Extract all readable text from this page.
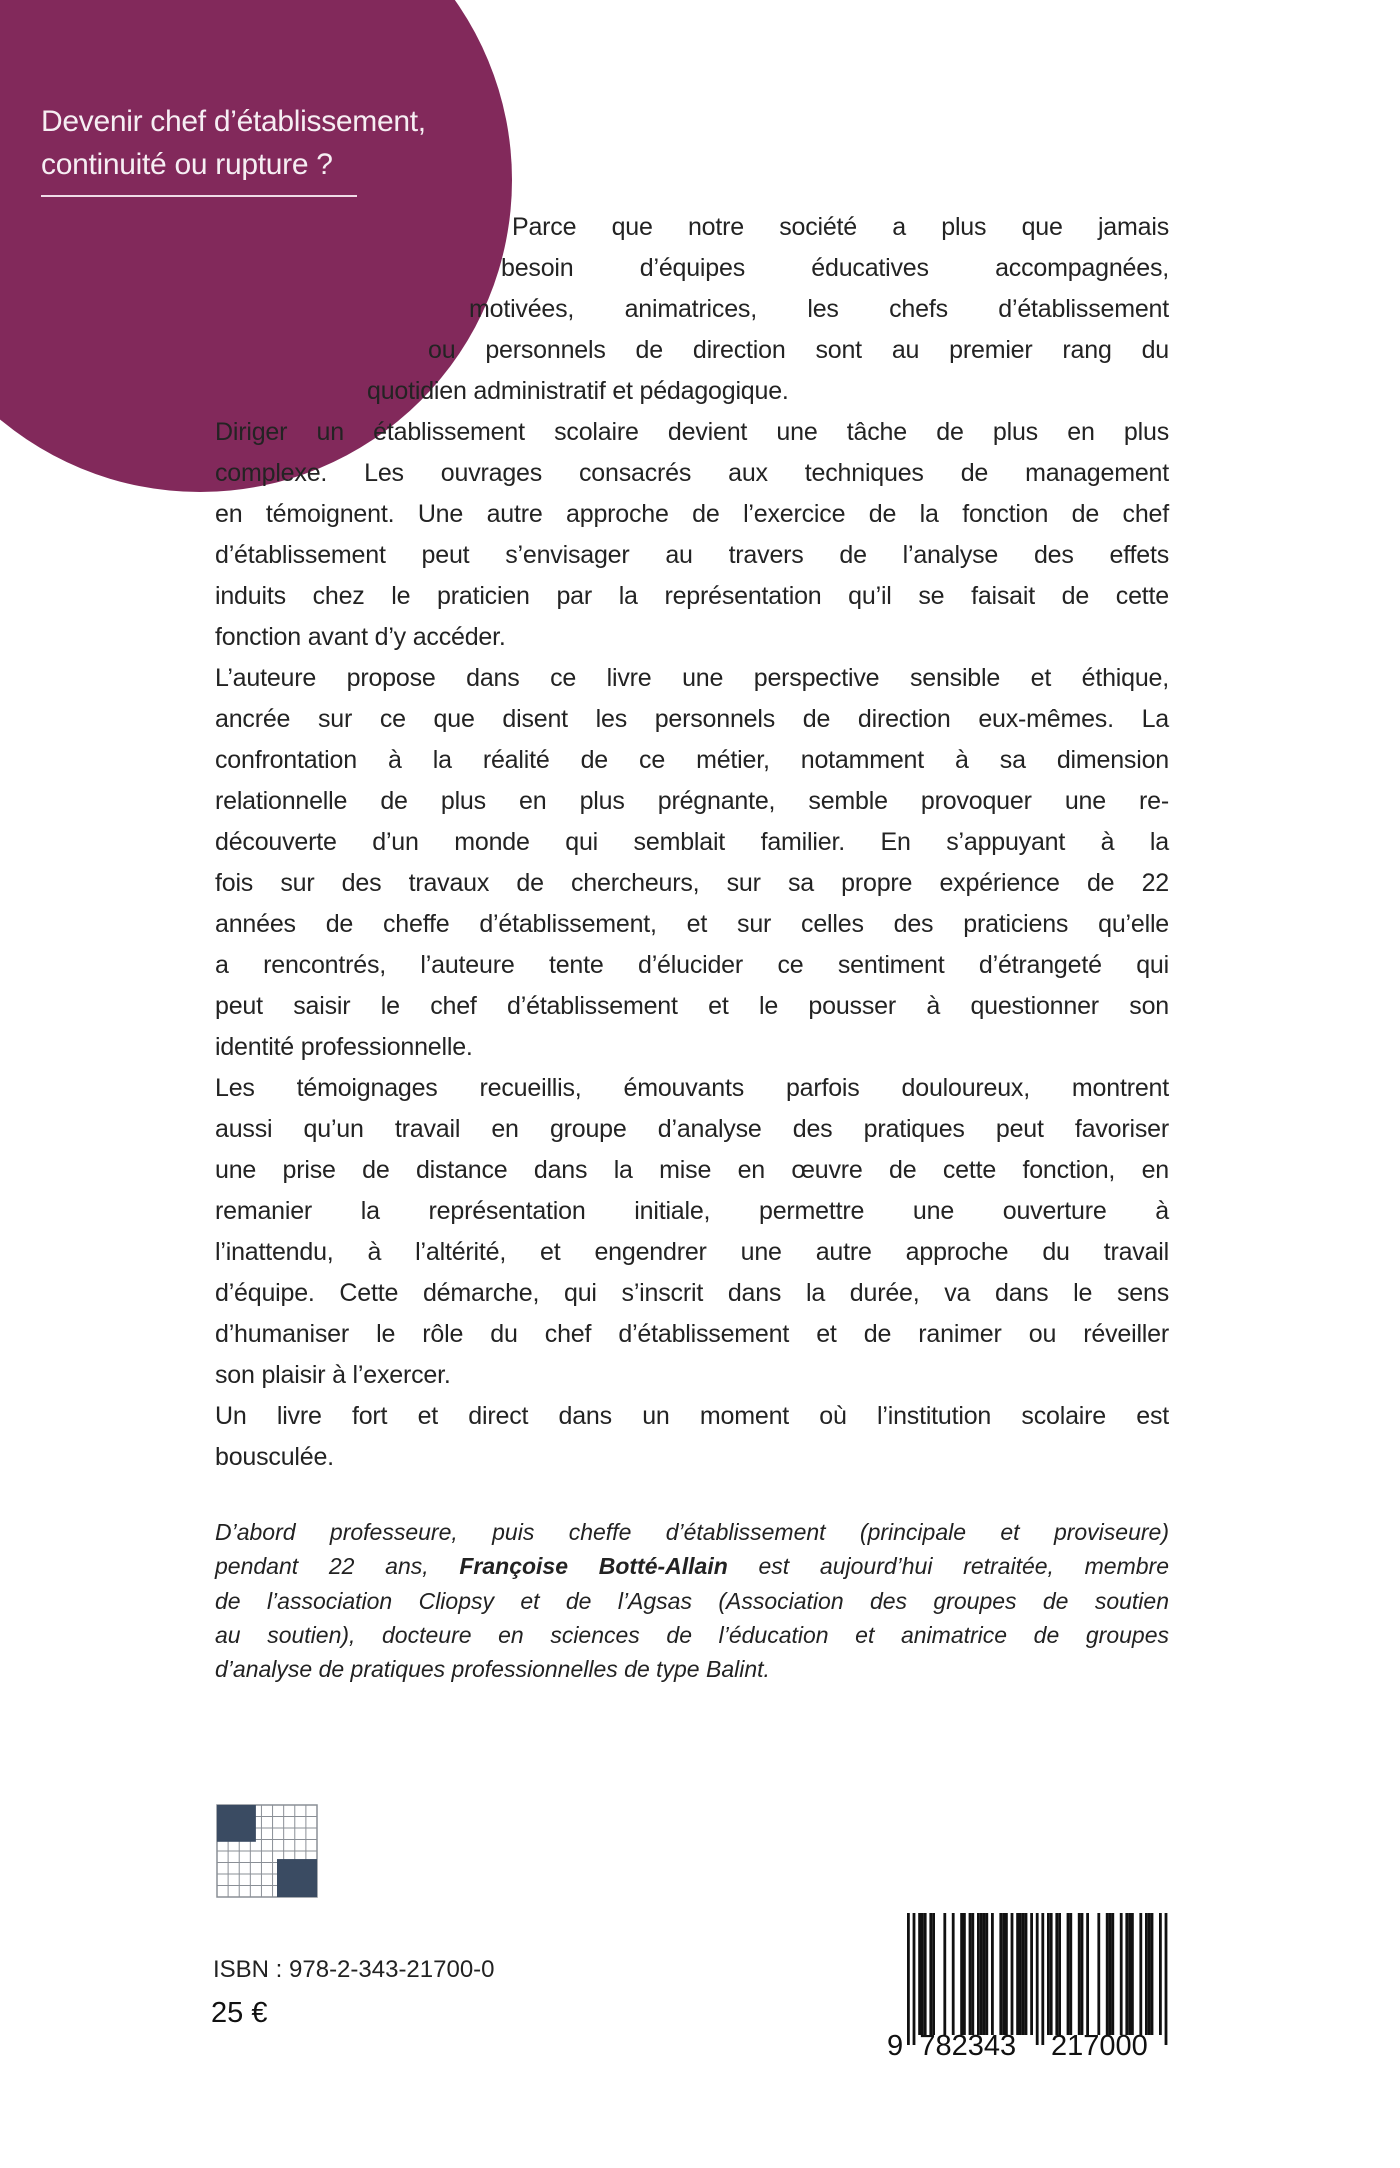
Devenir chef d’établissement,
continuité ou rupture ?
Parce que notre société a plus que jamais
besoin d’équipes éducatives accompagnées,
motivées, animatrices, les chefs d’établissement
ou personnels de direction sont au premier rang du
quotidien administratif et pédagogique.
Diriger un établissement scolaire devient une tâche de plus en plus
complexe. Les ouvrages consacrés aux techniques de management
en témoignent. Une autre approche de l’exercice de la fonction de chef
d’établissement peut s’envisager au travers de l’analyse des effets
induits chez le praticien par la représentation qu’il se faisait de cette
fonction avant d’y accéder.
L’auteure propose dans ce livre une perspective sensible et éthique,
ancrée sur ce que disent les personnels de direction eux-mêmes. La
confrontation à la réalité de ce métier, notamment à sa dimension
relationnelle de plus en plus prégnante, semble provoquer une re-
découverte d’un monde qui semblait familier. En s’appuyant à la
fois sur des travaux de chercheurs, sur sa propre expérience de 22
années de cheffe d’établissement, et sur celles des praticiens qu’elle
a rencontrés, l’auteure tente d’élucider ce sentiment d’étrangeté qui
peut saisir le chef d’établissement et le pousser à questionner son
identité professionnelle.
Les témoignages recueillis, émouvants parfois douloureux, montrent
aussi qu’un travail en groupe d’analyse des pratiques peut favoriser
une prise de distance dans la mise en œuvre de cette fonction, en
remanier la représentation initiale, permettre une ouverture à
l’inattendu, à l’altérité, et engendrer une autre approche du travail
d’équipe. Cette démarche, qui s’inscrit dans la durée, va dans le sens
d’humaniser le rôle du chef d’établissement et de ranimer ou réveiller
son plaisir à l’exercer.
Un livre fort et direct dans un moment où l’institution scolaire est
bousculée.
D’abord professeure, puis cheffe d’établissement (principale et proviseure)
pendant 22 ans, Françoise Botté-Allain est aujourd’hui retraitée, membre
de l’association Cliopsy et de l’Agsas (Association des groupes de soutien
au soutien), docteure en sciences de l’éducation et animatrice de groupes
d’analyse de pratiques professionnelles de type Balint.
ISBN : 978-2-343-21700-0
25 €
9 782343 217000
